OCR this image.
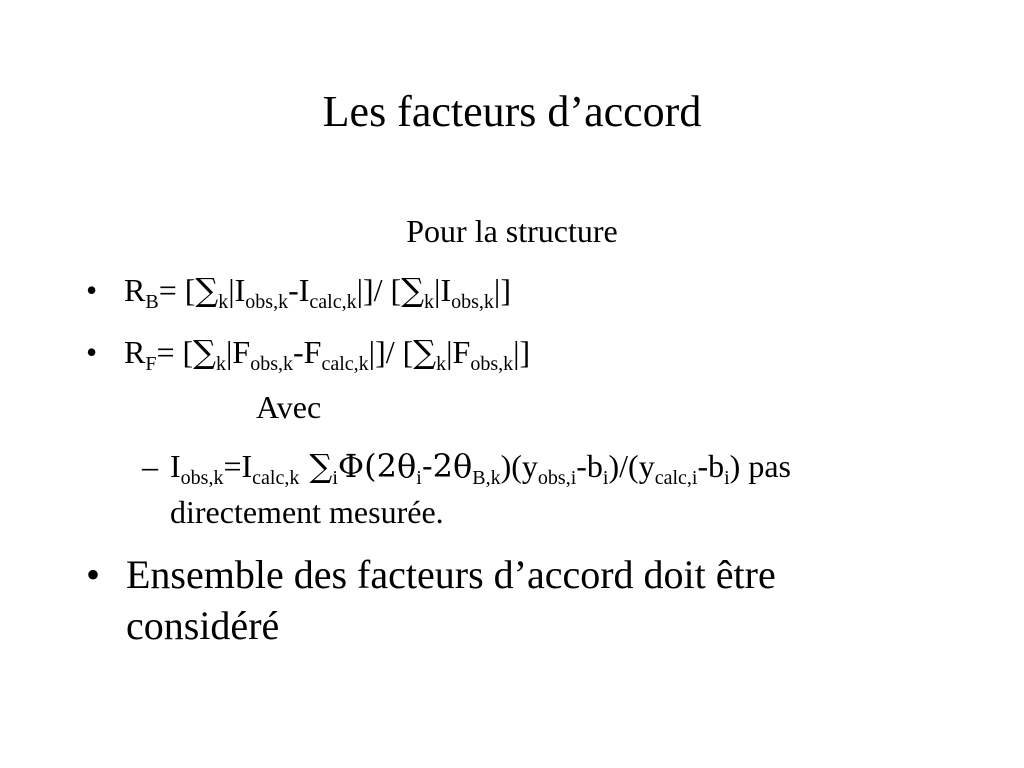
Les facteurs d’accord
Pour la structure
• $R_B= [\sum_k|I_{obs,k}-I_{calc,k}|]/$ $[\sum_k|I_{obs,k}|]$
• $R_F= [\sum_k|F_{obs,k}-F_{calc,k}|]/$ $[\sum_k|F_{obs,k}|]$
Avec
– $I_{obs,k}=I_{calc,k}$ $\sum_i\Phi(2\theta_i-2\theta_{B,k})(y_{obs,i}-b_i)/(y_{calc,i}-b_i)$ pas
directement mesurée.
• Ensemble des facteurs d’accord doit être
considéré
